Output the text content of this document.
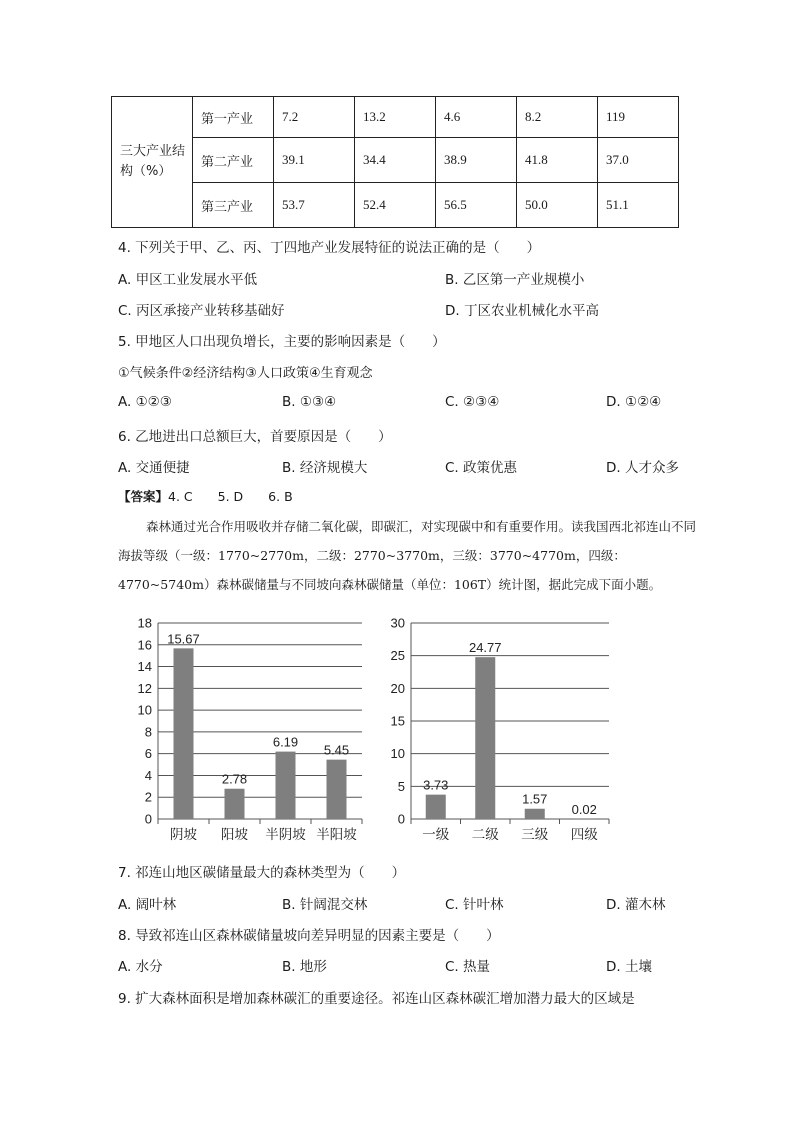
三大产业结构（%）	第一产业	7.2	13.2	4.6	8.2	119
	第二产业	39.1	34.4	38.9	41.8	37.0
	第三产业	53.7	52.4	56.5	50.0	51.1
4. 下列关于甲、乙、丙、丁四地产业发展特征的说法正确的是（　　）
A. 甲区工业发展水平低	B. 乙区第一产业规模小
C. 丙区承接产业转移基础好	D. 丁区农业机械化水平高
5. 甲地区人口出现负增长，主要的影响因素是（　　）
①气候条件②经济结构③人口政策④生育观念
A. ①②③	B. ①③④	C. ②③④	D. ①②④
6. 乙地进出口总额巨大，首要原因是（　　）
A. 交通便捷	B. 经济规模大	C. 政策优惠	D. 人才众多
【答案】4. C　　5. D　　6. B
森林通过光合作用吸收并存储二氧化碳，即碳汇，对实现碳中和有重要作用。读我国西北祁连山不同海拔等级（一级：1770~2770m，二级：2770~3770m，三级：3770~4770m，四级：4770~5740m）森林碳储量与不同坡向森林碳储量（单位：106T）统计图，据此完成下面小题。
0
2
4
6
8
10
12
14
16
18
15.67
阴坡
2.78
阳坡
6.19
半阴坡
5.45
半阳坡
0
5
10
15
20
25
30
3.73
一级
24.77
二级
1.57
三级
0.02
四级
7. 祁连山地区碳储量最大的森林类型为（　　）
A. 阔叶林	B. 针阔混交林	C. 针叶林	D. 灌木林
8. 导致祁连山区森林碳储量坡向差异明显的因素主要是（　　）
A. 水分	B. 地形	C. 热量	D. 土壤
9. 扩大森林面积是增加森林碳汇的重要途径。祁连山区森林碳汇增加潜力最大的区域是
